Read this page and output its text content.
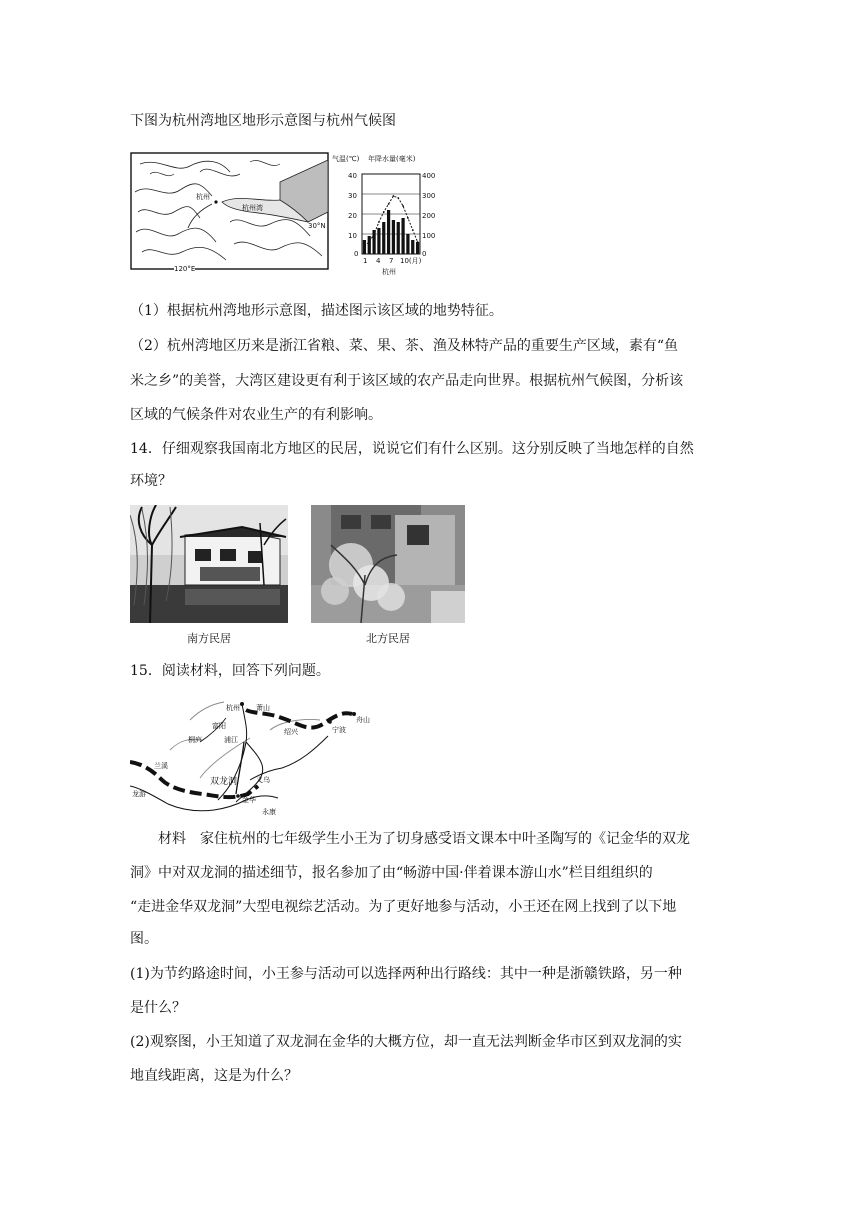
下图为杭州湾地区地形示意图与杭州气候图
杭州
杭州湾
30°N
120°E
气温(℃) 年降水量(毫米)
40
30
20
10
0
400
300
200
100
0
1 4 7 10(月)
杭州
（1）根据杭州湾地形示意图，描述图示该区域的地势特征。
（2）杭州湾地区历来是浙江省粮、菜、果、茶、渔及林特产品的重要生产区域，素有“鱼
米之乡”的美誉，大湾区建设更有利于该区域的农产品走向世界。根据杭州气候图，分析该
区域的气候条件对农业生产的有利影响。
14．仔细观察我国南北方地区的民居，说说它们有什么区别。这分别反映了当地怎样的自然
环境？
南方民居	北方民居
15．阅读材料，回答下列问题。
杭州 萧山
富阳
桐庐	浦江
绍兴	宁波
舟山
义乌
双龙洞
金华
永康
兰溪
龙游
材料　家住杭州的七年级学生小王为了切身感受语文课本中叶圣陶写的《记金华的双龙
洞》中对双龙洞的描述细节，报名参加了由“畅游中国·伴着课本游山水”栏目组组织的
“走进金华双龙洞”大型电视综艺活动。为了更好地参与活动，小王还在网上找到了以下地
图。
(1)为节约路途时间，小王参与活动可以选择两种出行路线：其中一种是浙赣铁路，另一种
是什么？
(2)观察图，小王知道了双龙洞在金华的大概方位，却一直无法判断金华市区到双龙洞的实
地直线距离，这是为什么？
